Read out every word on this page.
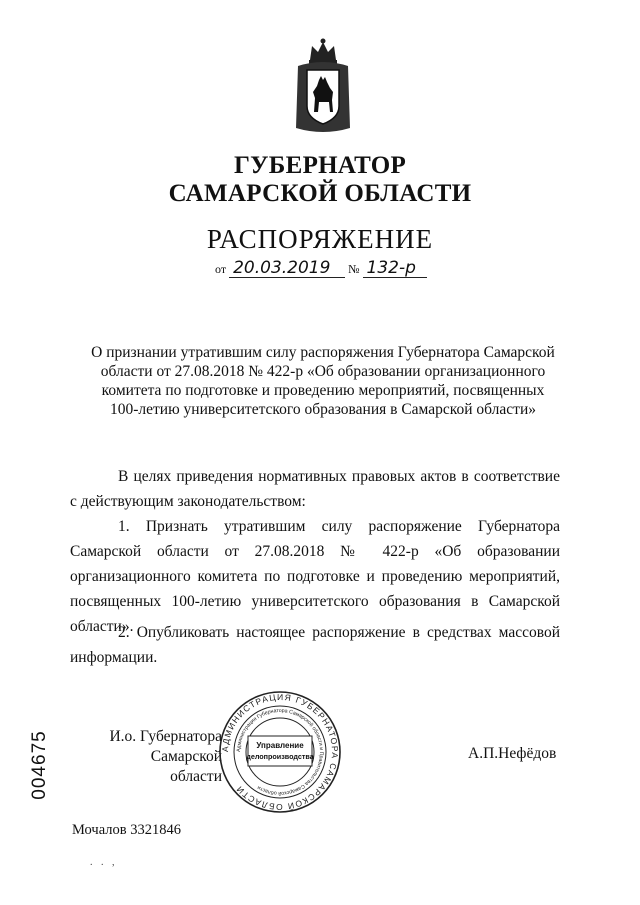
ГУБЕРНАТОР
САМАРСКОЙ ОБЛАСТИ
РАСПОРЯЖЕНИЕ
от 20.03.2019 № 132-р
О признании утратившим силу распоряжения Губернатора Самарской области от 27.08.2018 № 422-р «Об образовании организационного комитета по подготовке и проведению мероприятий, посвященных 100-летию университетского образования в Самарской области»
В целях приведения нормативных правовых актов в соответствие с действующим законодательством:
1. Признать утратившим силу распоряжение Губернатора Самарской области от 27.08.2018 № 422-р «Об образовании организационного комитета по подготовке и проведению мероприятий, посвященных 100-летию университетского образования в Самарской области».
2. Опубликовать настоящее распоряжение в средствах массовой информации.
И.о. Губернатора
Самарской области
АДМИНИСТРАЦИЯ ГУБЕРНАТОРА САМАРСКОЙ ОБЛАСТИ
Администрация Губернатора Самарской области и Правительства Самарской области
Управление
делопроизводства	А.П.Нефёдов
004675
Мочалов 3321846
. . ,
